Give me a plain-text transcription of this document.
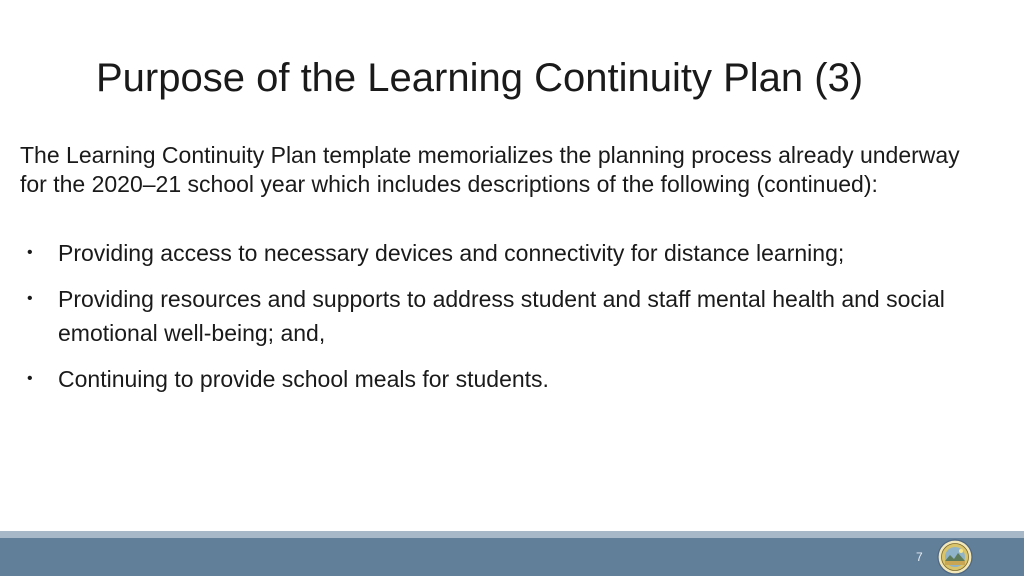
Purpose of the Learning Continuity Plan (3)
The Learning Continuity Plan template memorializes the planning process already underway for the 2020–21 school year which includes descriptions of the following (continued):
• Providing access to necessary devices and connectivity for distance learning;
• Providing resources and supports to address student and staff mental health and social emotional well-being; and,
• Continuing to provide school meals for students.
7
